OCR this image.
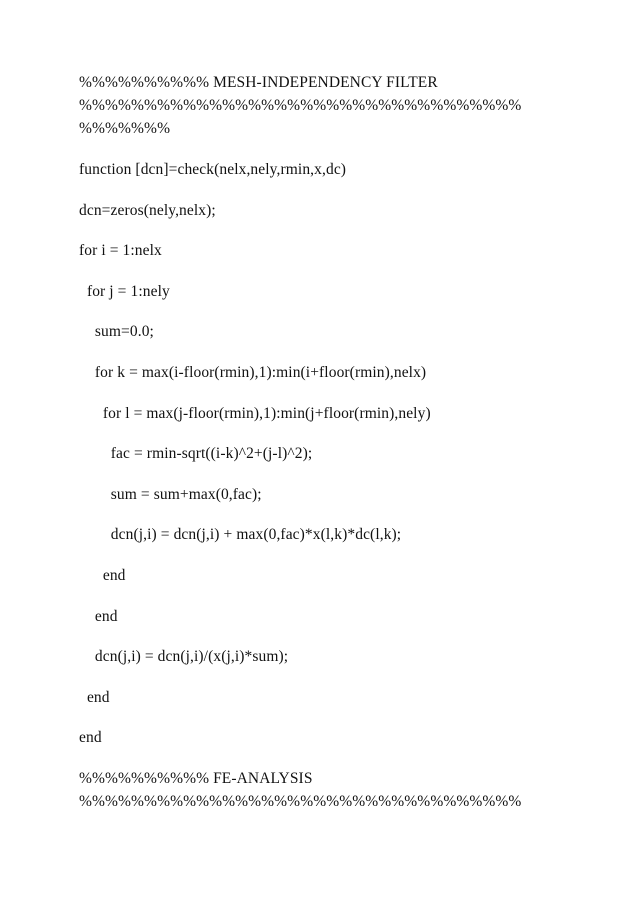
%%%%%%%%%% MESH-INDEPENDENCY FILTER
%%%%%%%%%%%%%%%%%%%%%%%%%%%%%%%%%%
%%%%%%%
function [dcn]=check(nelx,nely,rmin,x,dc)
dcn=zeros(nely,nelx);
for i = 1:nelx
for j = 1:nely
sum=0.0;
for k = max(i-floor(rmin),1):min(i+floor(rmin),nelx)
for l = max(j-floor(rmin),1):min(j+floor(rmin),nely)
fac = rmin-sqrt((i-k)^2+(j-l)^2);
sum = sum+max(0,fac);
dcn(j,i) = dcn(j,i) + max(0,fac)*x(l,k)*dc(l,k);
end
end
dcn(j,i) = dcn(j,i)/(x(j,i)*sum);
end
end
%%%%%%%%%% FE-ANALYSIS
%%%%%%%%%%%%%%%%%%%%%%%%%%%%%%%%%%
